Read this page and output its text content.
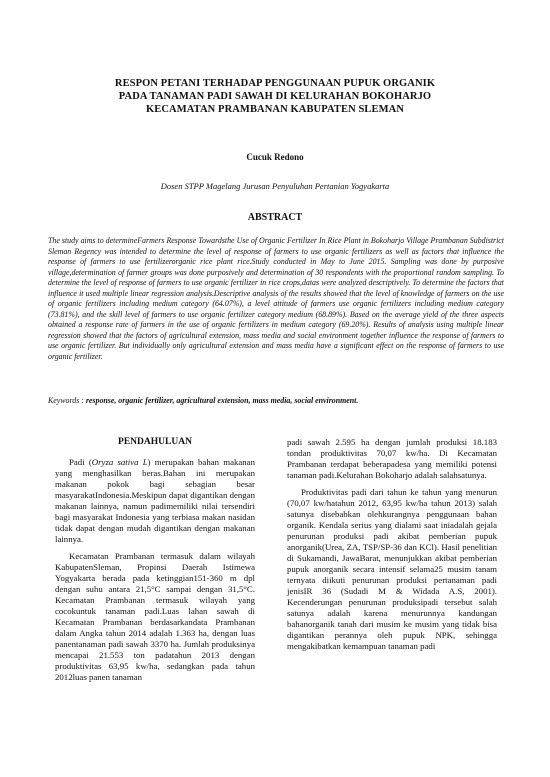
RESPON PETANI TERHADAP PENGGUNAAN PUPUK ORGANIK
PADA TANAMAN PADI SAWAH DI KELURAHAN BOKOHARJO
KECAMATAN PRAMBANAN KABUPATEN SLEMAN
Cucuk Redono
Dosen STPP Magelang Jurusan Penyuluhan Pertanian Yogyakarta
ABSTRACT

The study aims to determineFarmers Response Towardsthe Use of Organic Fertilizer In Rice Plant in Bokoharjo Village Prambanan Subdistrict Sleman Regency was intended to determine the level of response of farmers to use organic fertilizers as well as factors that influence the response of farmers to use fertilizerorganic rice plant rice.Study conducted in May to June 2015. Sampling was done by purposive village,determination of farmer groups was done purposively and determination of 30 respondents with the proportional random sampling. To determine the level of response of farmers to use organic fertilizer in rice crops,datas were analyzed descriptively. To determine the factors that influence it used multiple linear regression analysis.Descriptive analysis of the results showed that the level of knowledge of farmers on the use of organic fertilizers including medium category (64.07%), a level attitude of farmers use organic fertilizers including medium category (73.81%), and the skill level of farmers to use organic fertilizer category medium (68.89%). Based on the average yield of the three aspects obtained a response rate of farmers in the use of organic fertilizers in medium category (69.20%). Results of analysis using multiple linear regression showed that the factors of agricultural extension, mass media and social environment together influence the response of farmers to use organic fertilizer. But individually only agricultural extension and mass media have a significant effect on the response of farmers to use organic fertilizer.

Keywords : response, organic fertilizer, agricultural extension, mass media, social environment.

PENDAHULUAN

Padi (Oryza sativa L) merupakan bahan makanan yang menghasilkan beras.Bahan ini merupakan makanan pokok bagi sebagian besar masyarakatIndonesia.Meskipun dapat digantikan dengan makanan lainnya, namun padimemiliki nilai tersendiri bagi masyarakat Indonesia yang terbiasa makan nasidan tidak dapat dengan mudah digantikan dengan makanan lainnya.

Kecamatan Prambanan termasuk dalam wilayah KabupatenSleman, Propinsi Daerah Istimewa Yogyakarta berada pada ketinggian151-360 m dpl dengan suhu antara 21,5°C sampai dengan 31,5°C. Kecamatan Prambanan termasuk wilayah yang cocokuntuk tanaman padi.Luas lahan sawah di Kecamatan Prambanan berdasarkandata Prambanan dalam Angka tahun 2014 adalah 1.363 ha, dengan luas panentanaman padi sawah 3370 ha. Jumlah produksinya mencapai 21.553 ton padatahun 2013 dengan produktivitas 63,95 kw/ha, sedangkan pada tahun 2012luas panen tanaman

padi sawah 2.595 ha dengan jumlah produksi 18.183 tondan produktivitas 70,07 kw/ha. Di Kecamatan Prambanan terdapat beberapadesa yang memiliki potensi tanaman padi.Kelurahan Bokoharjo adalah salahsatunya.

Produktivitas padi dari tahun ke tahun yang menurun (70,07 kw/hatahun 2012, 63,95 kw/ha tahun 2013) salah satunya disebabkan olehkurangnya penggunaan bahan organik. Kendala serius yang dialami saat iniadalah gejala penurunan produksi padi akibat pemberian pupuk anorganik(Urea, ZA, TSP/SP-36 dan KCl). Hasil penelitian di Sukamandi, JawaBarat, menunjukkan akibat pemberian pupuk anorganik secara intensif selama25 musim tanam ternyata diikuti penurunan produksi pertanaman padi jenisIR 36 (Sudadi M & Widada A.S, 2001). Kecenderungan penurunan produksipadi tersebut salah satunya adalah karena menurunnya kandungan bahanorganik tanah dari musim ke musim yang tidak bisa digantikan perannya oleh pupuk NPK, sehingga mengakibatkan kemampuan tanaman padi
